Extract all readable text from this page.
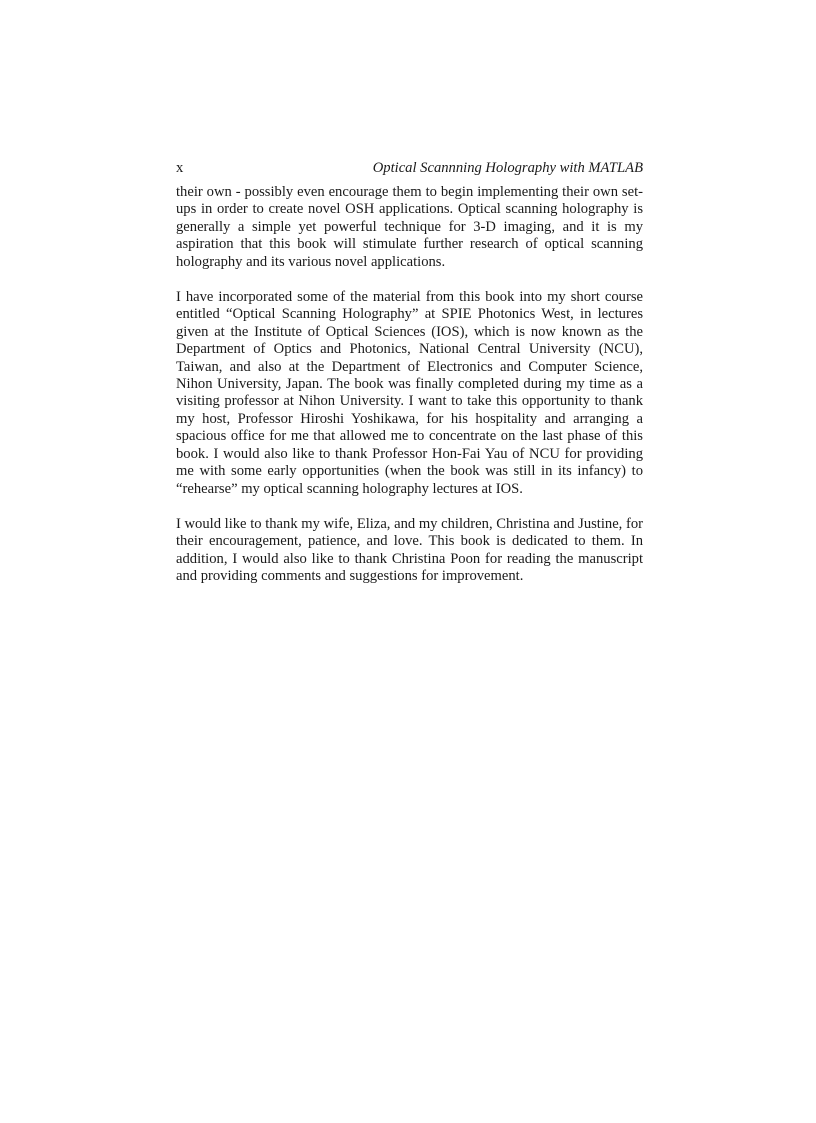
x	Optical Scannning Holography with MATLAB

their own - possibly even encourage them to begin implementing their own set-ups in order to create novel OSH applications. Optical scanning holography is generally a simple yet powerful technique for 3-D imaging, and it is my aspiration that this book will stimulate further research of optical scanning holography and its various novel applications.

I have incorporated some of the material from this book into my short course entitled “Optical Scanning Holography” at SPIE Photonics West, in lectures given at the Institute of Optical Sciences (IOS), which is now known as the Department of Optics and Photonics, National Central University (NCU), Taiwan, and also at the Department of Electronics and Computer Science, Nihon University, Japan. The book was finally completed during my time as a visiting professor at Nihon University. I want to take this opportunity to thank my host, Professor Hiroshi Yoshikawa, for his hospitality and arranging a spacious office for me that allowed me to concentrate on the last phase of this book. I would also like to thank Professor Hon-Fai Yau of NCU for providing me with some early opportunities (when the book was still in its infancy) to “rehearse” my optical scanning holography lectures at IOS.

I would like to thank my wife, Eliza, and my children, Christina and Justine, for their encouragement, patience, and love. This book is dedicated to them. In addition, I would also like to thank Christina Poon for reading the manuscript and providing comments and suggestions for improvement.
